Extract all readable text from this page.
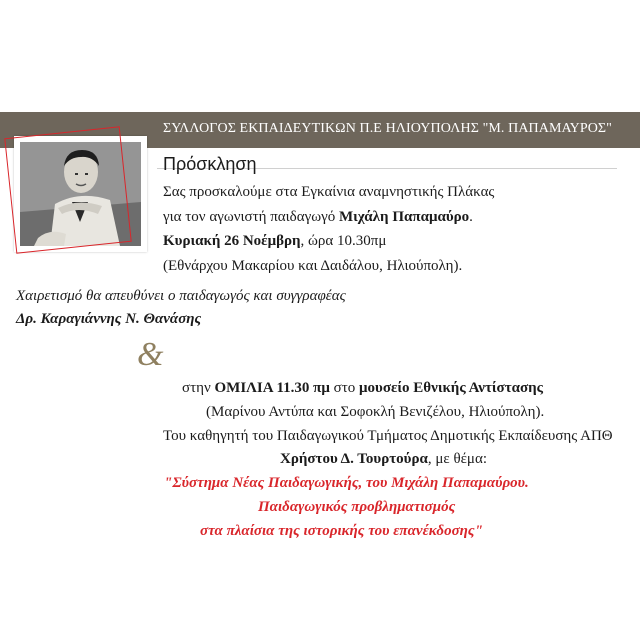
ΣΥΛΛΟΓΟΣ ΕΚΠΑΙΔΕΥΤΙΚΩΝ Π.Ε ΗΛΙΟΥΠΟΛΗΣ "Μ. ΠΑΠΑΜΑΥΡΟΣ"
Πρόσκληση
Σας προσκαλούμε στα Εγκαίνια αναμνηστικής Πλάκας
για τον αγωνιστή παιδαγωγό Μιχάλη Παπαμαύρο.
Κυριακή 26 Νοέμβρη, ώρα 10.30πμ
(Εθνάρχου Μακαρίου και Δαιδάλου, Ηλιούπολη).
Χαιρετισμό θα απευθύνει ο παιδαγωγός και συγγραφέας
Δρ. Καραγιάννης Ν. Θανάσης
&
στην ΟΜΙΛΙΑ 11.30 πμ στο μουσείο Εθνικής Αντίστασης
(Μαρίνου Αντύπα και Σοφοκλή Βενιζέλου, Ηλιούπολη).
Του καθηγητή του Παιδαγωγικού Τμήματος Δημοτικής Εκπαίδευσης ΑΠΘ
Χρήστου Δ. Τουρτούρα, με θέμα:
"Σύστημα Νέας Παιδαγωγικής, του Μιχάλη Παπαμαύρου.
Παιδαγωγικός προβληματισμός
στα πλαίσια της ιστορικής του επανέκδοσης"
